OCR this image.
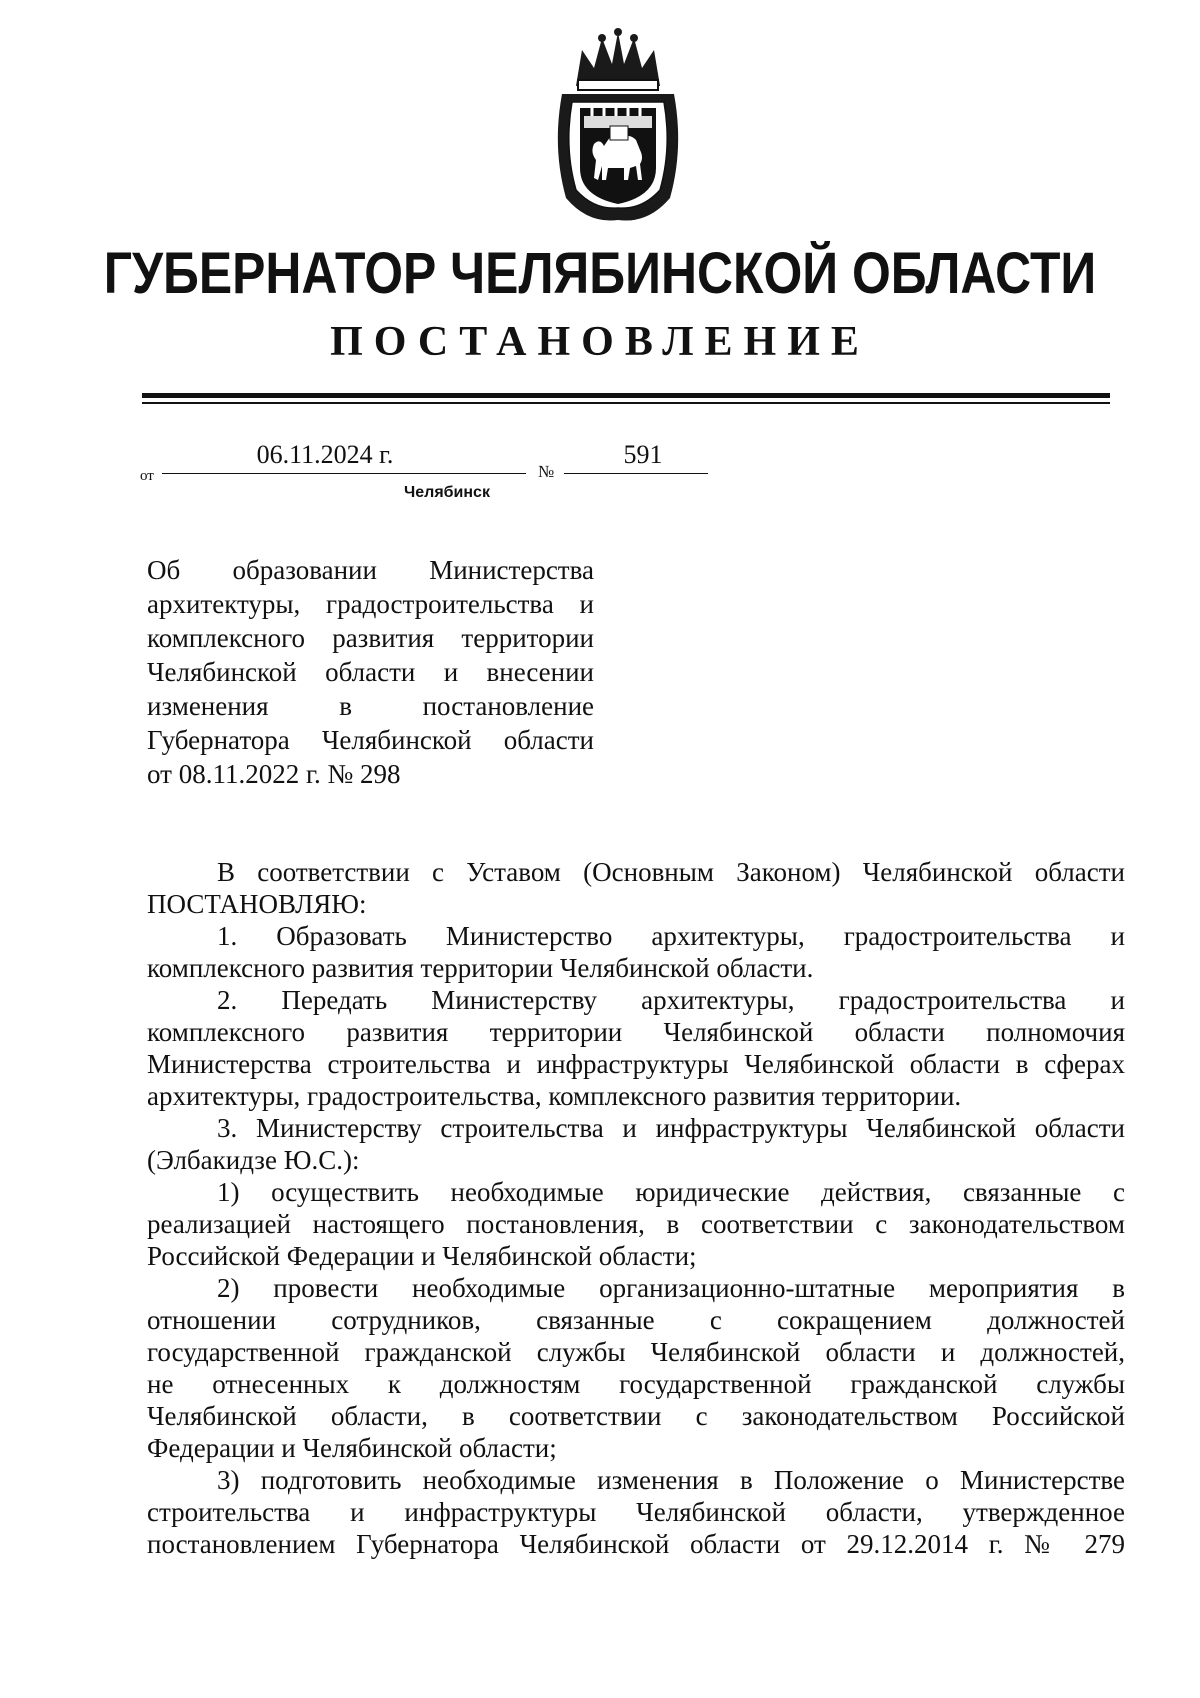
ГУБЕРНАТОР ЧЕЛЯБИНСКОЙ ОБЛАСТИ
ПОСТАНОВЛЕНИЕ
от
06.11.2024 г.
№
591
Челябинск
Об образовании Министерства
архитектуры, градостроительства и
комплексного развития территории
Челябинской области и внесении
изменения в постановление
Губернатора Челябинской области
от 08.11.2022 г. № 298
В соответствии с Уставом (Основным Законом) Челябинской области
ПОСТАНОВЛЯЮ:
1. Образовать Министерство архитектуры, градостроительства и
комплексного развития территории Челябинской области.
2. Передать Министерству архитектуры, градостроительства и
комплексного развития территории Челябинской области полномочия
Министерства строительства и инфраструктуры Челябинской области в сферах
архитектуры, градостроительства, комплексного развития территории.
3. Министерству строительства и инфраструктуры Челябинской области
(Элбакидзе Ю.С.):
1) осуществить необходимые юридические действия, связанные с
реализацией настоящего постановления, в соответствии с законодательством
Российской Федерации и Челябинской области;
2) провести необходимые организационно-штатные мероприятия в
отношении сотрудников, связанные с сокращением должностей
государственной гражданской службы Челябинской области и должностей,
не отнесенных к должностям государственной гражданской службы
Челябинской области, в соответствии с законодательством Российской
Федерации и Челябинской области;
3) подготовить необходимые изменения в Положение о Министерстве
строительства и инфраструктуры Челябинской области, утвержденное
постановлением Губернатора Челябинской области от 29.12.2014 г. № 279
